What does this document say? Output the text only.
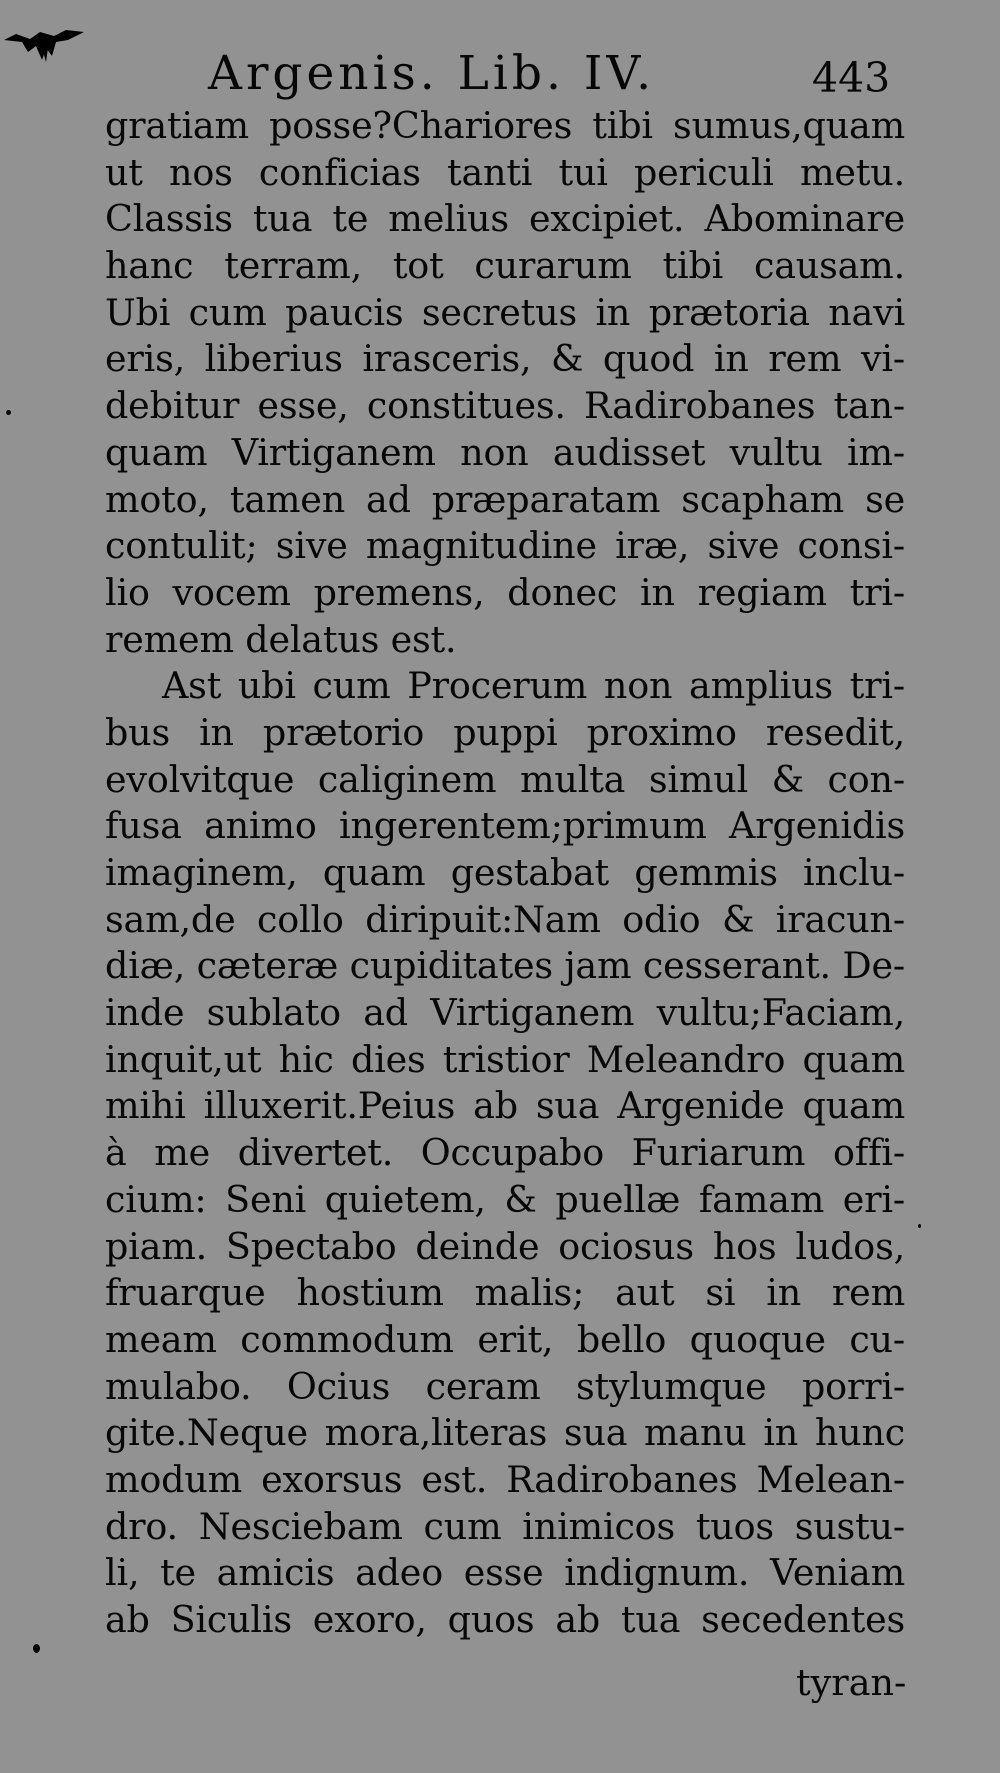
Argenis. Lib. IV.	443
gratiam posse?Chariores tibi sumus,quam
ut nos conficias tanti tui periculi metu.
Classis tua te melius excipiet. Abominare
hanc terram, tot curarum tibi causam.
Ubi cum paucis secretus in prætoria navi
eris, liberius irasceris, & quod in rem vi-
debitur esse, constitues. Radirobanes tan-
quam Virtiganem non audisset vultu im-
moto, tamen ad præparatam scapham se
contulit; sive magnitudine iræ, sive consi-
lio vocem premens, donec in regiam tri-
remem delatus est.
Ast ubi cum Procerum non amplius tri-
bus in prætorio puppi proximo resedit,
evolvitque caliginem multa simul & con-
fusa animo ingerentem;primum Argenidis
imaginem, quam gestabat gemmis inclu-
sam,de collo diripuit:Nam odio & iracun-
diæ, cæteræ cupiditates jam cesserant. De-
inde sublato ad Virtiganem vultu;Faciam,
inquit,ut hic dies tristior Meleandro quam
mihi illuxerit.Peius ab sua Argenide quam
à me divertet. Occupabo Furiarum offi-
cium: Seni quietem, & puellæ famam eri-
piam. Spectabo deinde ociosus hos ludos,
fruarque hostium malis; aut si in rem
meam commodum erit, bello quoque cu-
mulabo. Ocius ceram stylumque porri-
gite.Neque mora,literas sua manu in hunc
modum exorsus est. Radirobanes Melean-
dro. Nesciebam cum inimicos tuos sustu-
li, te amicis adeo esse indignum. Veniam
ab Siculis exoro, quos ab tua secedentes
tyran-
